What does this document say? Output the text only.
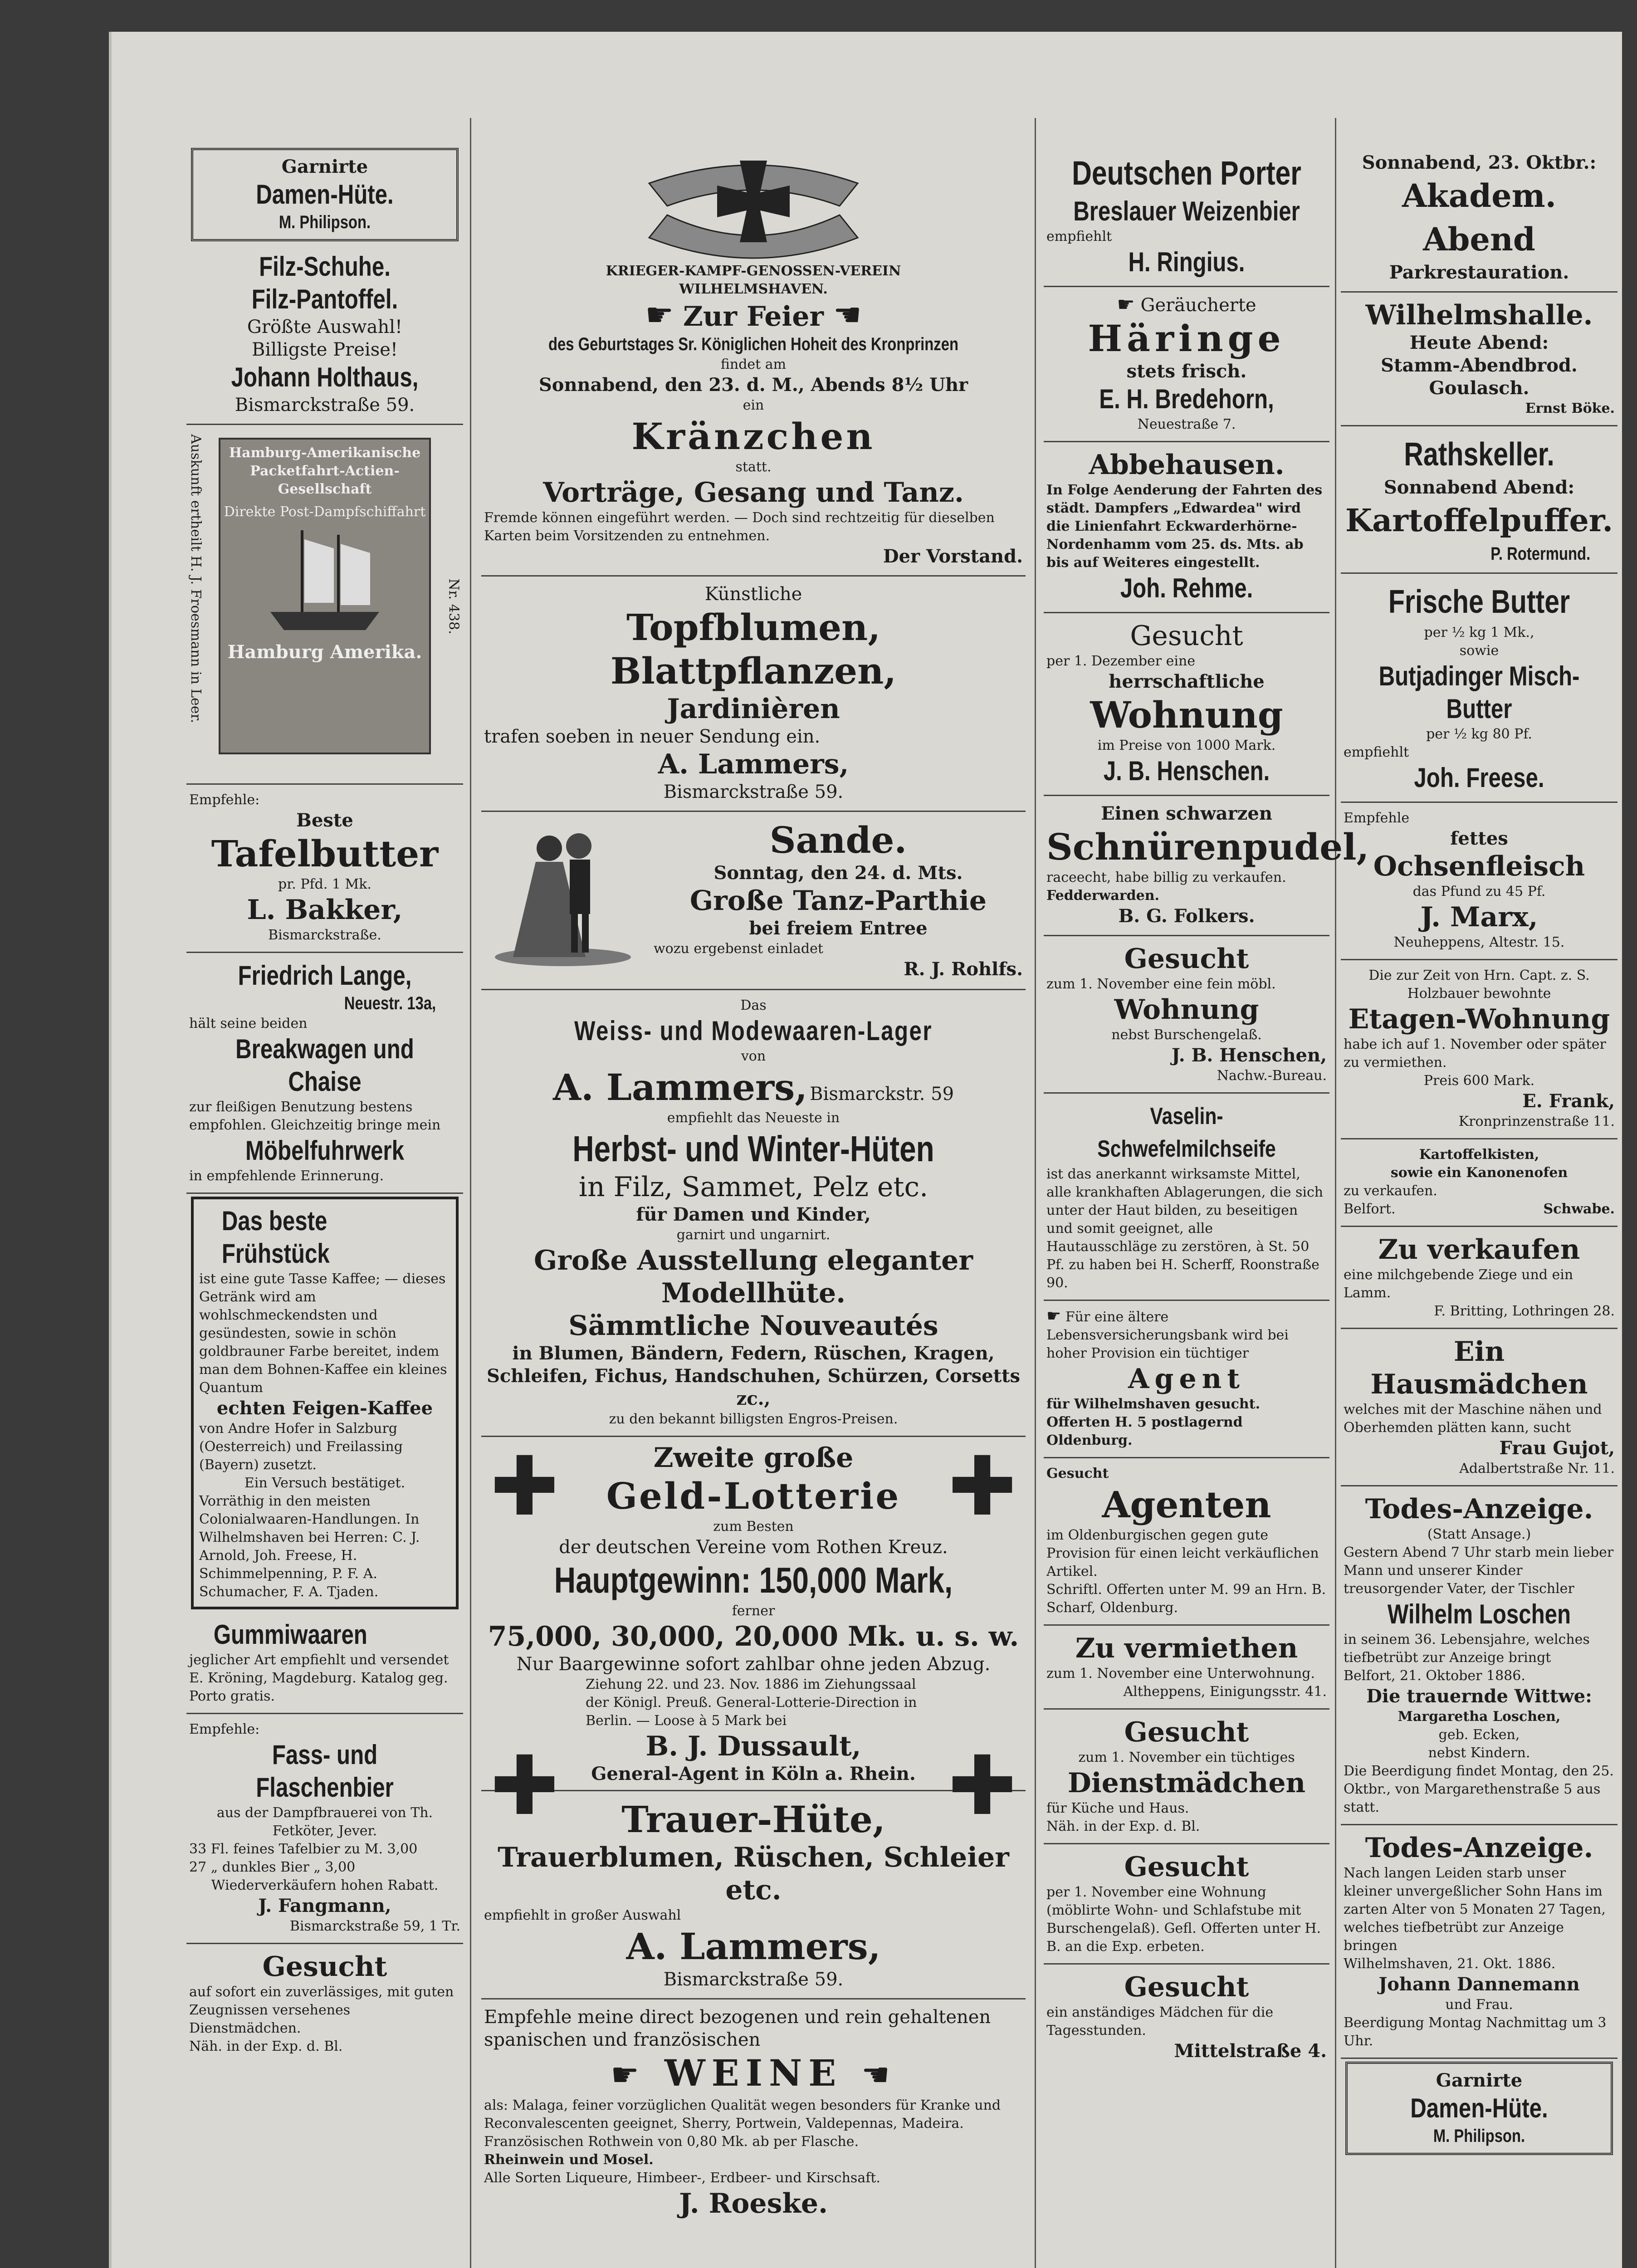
Garnirte
Damen-Hüte.
M. Philipson.
Filz-Schuhe.
Filz-Pantoffel.
Größte Auswahl!
Billigste Preise!
Johann Holthaus,
Bismarckstraße 59.
Auskunft ertheilt H. J. Froesmann in Leer.	Nr. 438.
Hamburg-Amerikanische Packetfahrt-Actien-Gesellschaft
Direkte Post-Dampfschiffahrt
Hamburg Amerika.
Empfehle:
Beste
Tafelbutter
pr. Pfd. 1 Mk.
L. Bakker,
Bismarckstraße.
Friedrich Lange,
Neuestr. 13a,
hält seine beiden
Breakwagen und Chaise
zur fleißigen Benutzung bestens empfohlen. Gleichzeitig bringe mein
Möbelfuhrwerk
in empfehlende Erinnerung.
Das beste Frühstück
ist eine gute Tasse Kaffee; — dieses Getränk wird am wohlschmeckendsten und gesündesten, sowie in schön goldbrauner Farbe bereitet, indem man dem Bohnen-Kaffee ein kleines Quantum
echten Feigen-Kaffee
von Andre Hofer in Salzburg (Oesterreich) und Freilassing (Bayern) zusetzt.
Ein Versuch bestätiget.
Vorräthig in den meisten Colonialwaaren-Handlungen. In Wilhelmshaven bei Herren: C. J. Arnold, Joh. Freese, H. Schimmelpenning, P. F. A. Schumacher, F. A. Tjaden.
Gummiwaaren
jeglicher Art empfiehlt und versendet E. Kröning, Magdeburg. Katalog geg. Porto gratis.
Empfehle:
Fass- und Flaschenbier
aus der Dampfbrauerei von Th. Fetköter, Jever.
33 Fl. feines Tafelbier zu M. 3,00
27 „ dunkles Bier „ 3,00
Wiederverkäufern hohen Rabatt.
J. Fangmann,
Bismarckstraße 59, 1 Tr.
Gesucht
auf sofort ein zuverlässiges, mit guten Zeugnissen versehenes Dienstmädchen.
Näh. in der Exp. d. Bl.
KRIEGER-KAMPF-GENOSSEN-VEREIN
WILHELMSHAVEN.
☛ Zur Feier ☚
des Geburtstages Sr. Königlichen Hoheit des Kronprinzen
findet am
Sonnabend, den 23. d. M., Abends 8½ Uhr
ein
Kränzchen
statt.
Vorträge, Gesang und Tanz.
Fremde können eingeführt werden. — Doch sind rechtzeitig für dieselben Karten beim Vorsitzenden zu entnehmen.
Der Vorstand.
Künstliche
Topfblumen, Blattpflanzen,
Jardinièren
trafen soeben in neuer Sendung ein.
A. Lammers,
Bismarckstraße 59.
Sande.
Sonntag, den 24. d. Mts.
Große Tanz-Parthie
bei freiem Entree
wozu ergebenst einladet
R. J. Rohlfs.
Das
Weiss- und Modewaaren-Lager
von
A. Lammers, Bismarckstr. 59
empfiehlt das Neueste in
Herbst- und Winter-Hüten
in Filz, Sammet, Pelz etc.
für Damen und Kinder,
garnirt und ungarnirt.
Große Ausstellung eleganter
Modellhüte.
Sämmtliche Nouveautés
in Blumen, Bändern, Federn, Rüschen, Kragen, Schleifen, Fichus, Handschuhen, Schürzen, Corsetts zc.,
zu den bekannt billigsten Engros-Preisen.
✚	✚
✚	✚
Zweite große
Geld-Lotterie
zum Besten
der deutschen Vereine vom Rothen Kreuz.
Hauptgewinn: 150,000 Mark,
ferner
75,000, 30,000, 20,000 Mk. u. s. w.
Nur Baargewinne sofort zahlbar ohne jeden Abzug.
Ziehung 22. und 23. Nov. 1886 im Ziehungssaal der Königl. Preuß. General-Lotterie-Direction in Berlin. — Loose à 5 Mark bei
B. J. Dussault,
General-Agent in Köln a. Rhein.
Trauer-Hüte,
Trauerblumen, Rüschen, Schleier
etc.
empfiehlt in großer Auswahl
A. Lammers,
Bismarckstraße 59.
Empfehle meine direct bezogenen und rein gehaltenen spanischen und französischen
☛ WEINE ☚
als: Malaga, feiner vorzüglichen Qualität wegen besonders für Kranke und Reconvalescenten geeignet, Sherry, Portwein, Valdepennas, Madeira.
Französischen Rothwein von 0,80 Mk. ab per Flasche.
Rheinwein und Mosel.
Alle Sorten Liqueure, Himbeer-, Erdbeer- und Kirschsaft.
J. Roeske.
Deutschen Porter
Breslauer Weizenbier
empfiehlt
H. Ringius.
☛ Geräucherte
Häringe
stets frisch.
E. H. Bredehorn,
Neuestraße 7.
Abbehausen.
In Folge Aenderung der Fahrten des städt. Dampfers „Edwardea" wird die Linienfahrt Eckwarderhörne-Nordenhamm vom 25. ds. Mts. ab bis auf Weiteres eingestellt.
Joh. Rehme.
Gesucht
per 1. Dezember eine
herrschaftliche
Wohnung
im Preise von 1000 Mark.
J. B. Henschen.
Einen schwarzen
Schnürenpudel,
raceecht, habe billig zu verkaufen.
Fedderwarden.
B. G. Folkers.
Gesucht
zum 1. November eine fein möbl.
Wohnung
nebst Burschengelaß.
J. B. Henschen,
Nachw.-Bureau.
Vaselin-Schwefelmilchseife
ist das anerkannt wirksamste Mittel, alle krankhaften Ablagerungen, die sich unter der Haut bilden, zu beseitigen und somit geeignet, alle Hautausschläge zu zerstören, à St. 50 Pf. zu haben bei H. Scherff, Roonstraße 90.
☛ Für eine ältere Lebensversicherungsbank wird bei hoher Provision ein tüchtiger
Agent
für Wilhelmshaven gesucht. Offerten H. 5 postlagernd Oldenburg.
Gesucht
Agenten
im Oldenburgischen gegen gute Provision für einen leicht verkäuflichen Artikel.
Schriftl. Offerten unter M. 99 an Hrn. B. Scharf, Oldenburg.
Zu vermiethen
zum 1. November eine Unterwohnung.
Altheppens, Einigungsstr. 41.
Gesucht
zum 1. November ein tüchtiges
Dienstmädchen
für Küche und Haus.
Näh. in der Exp. d. Bl.
Gesucht
per 1. November eine Wohnung (möblirte Wohn- und Schlafstube mit Burschengelaß). Gefl. Offerten unter H. B. an die Exp. erbeten.
Gesucht
ein anständiges Mädchen für die Tagesstunden.
Mittelstraße 4.
Sonnabend, 23. Oktbr.:
Akadem. Abend
Parkrestauration.
Wilhelmshalle.
Heute Abend:
Stamm-Abendbrod.
Goulasch.
Ernst Böke.
Rathskeller.
Sonnabend Abend:
Kartoffelpuffer.
P. Rotermund.
Frische Butter
per ½ kg 1 Mk.,
sowie
Butjadinger Misch-Butter
per ½ kg 80 Pf.
empfiehlt
Joh. Freese.
Empfehle
fettes
Ochsenfleisch
das Pfund zu 45 Pf.
J. Marx,
Neuheppens, Altestr. 15.
Die zur Zeit von Hrn. Capt. z. S. Holzbauer bewohnte
Etagen-Wohnung
habe ich auf 1. November oder später zu vermiethen.
Preis 600 Mark.
E. Frank,
Kronprinzenstraße 11.
Kartoffelkisten,
sowie ein Kanonenofen
zu verkaufen.
Belfort.	Schwabe.
Zu verkaufen
eine milchgebende Ziege und ein Lamm.
F. Britting, Lothringen 28.
Ein Hausmädchen
welches mit der Maschine nähen und Oberhemden plätten kann, sucht
Frau Gujot,
Adalbertstraße Nr. 11.
Todes-Anzeige.
(Statt Ansage.)
Gestern Abend 7 Uhr starb mein lieber Mann und unserer Kinder treusorgender Vater, der Tischler
Wilhelm Loschen
in seinem 36. Lebensjahre, welches tiefbetrübt zur Anzeige bringt
Belfort, 21. Oktober 1886.
Die trauernde Wittwe:
Margaretha Loschen,
geb. Ecken,
nebst Kindern.
Die Beerdigung findet Montag, den 25. Oktbr., von Margarethenstraße 5 aus statt.
Todes-Anzeige.
Nach langen Leiden starb unser kleiner unvergeßlicher Sohn Hans im zarten Alter von 5 Monaten 27 Tagen, welches tiefbetrübt zur Anzeige bringen
Wilhelmshaven, 21. Okt. 1886.
Johann Dannemann
und Frau.
Beerdigung Montag Nachmittag um 3 Uhr.
Garnirte
Damen-Hüte.
M. Philipson.
